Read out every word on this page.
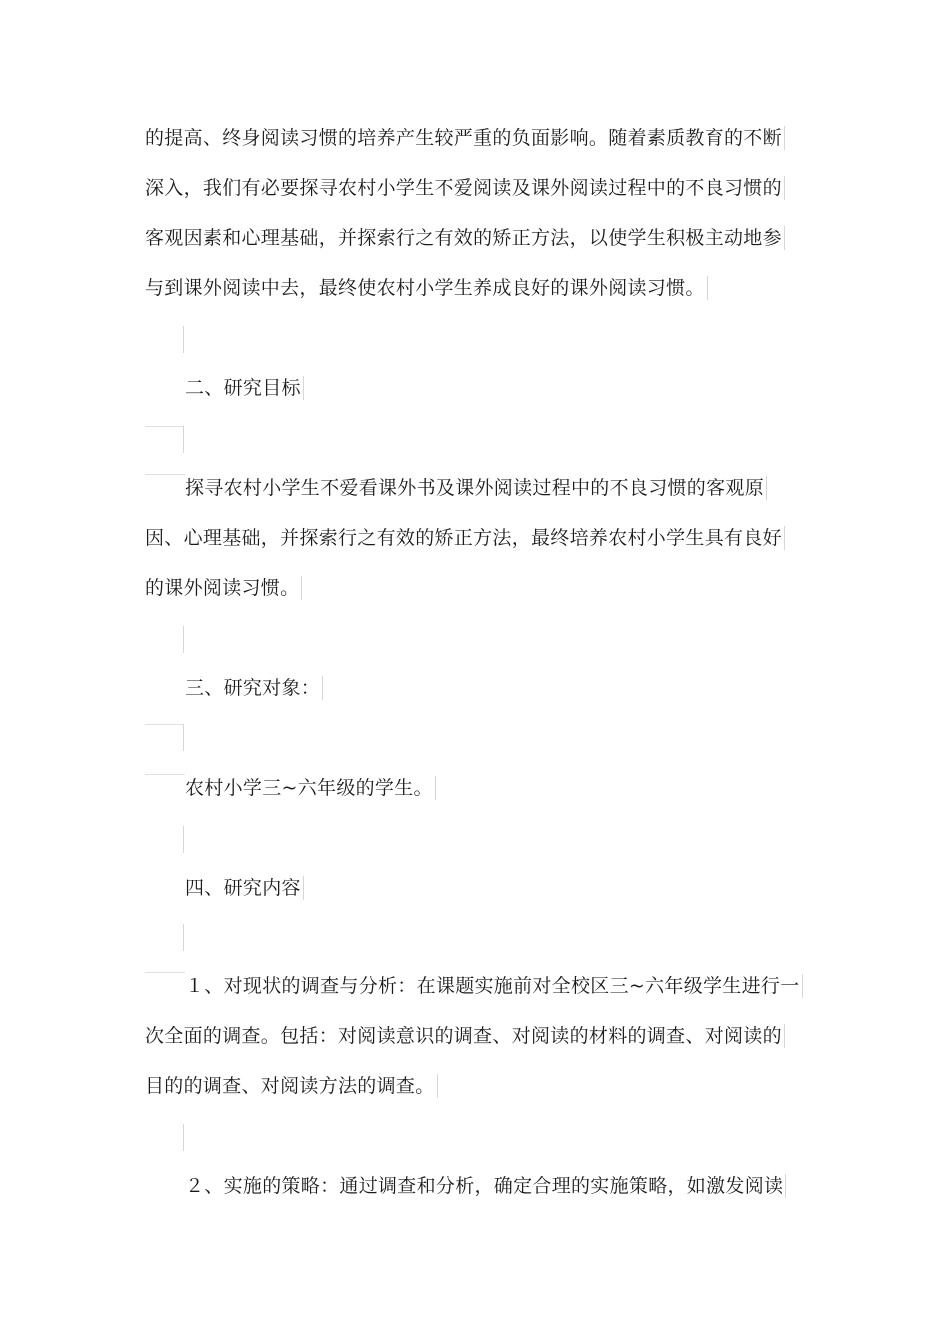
的提高、终身阅读习惯的培养产生较严重的负面影响。随着素质教育的不断
深入，我们有必要探寻农村小学生不爱阅读及课外阅读过程中的不良习惯的
客观因素和心理基础，并探索行之有效的矫正方法，以使学生积极主动地参
与到课外阅读中去，最终使农村小学生养成良好的课外阅读习惯。
二、研究目标
探寻农村小学生不爱看课外书及课外阅读过程中的不良习惯的客观原
因、心理基础，并探索行之有效的矫正方法，最终培养农村小学生具有良好
的课外阅读习惯。
三、研究对象：
农村小学三~六年级的学生。
四、研究内容
１、对现状的调查与分析：在课题实施前对全校区三~六年级学生进行一
次全面的调查。包括：对阅读意识的调查、对阅读的材料的调查、对阅读的
目的的调查、对阅读方法的调查。
２、实施的策略：通过调查和分析，确定合理的实施策略，如激发阅读
